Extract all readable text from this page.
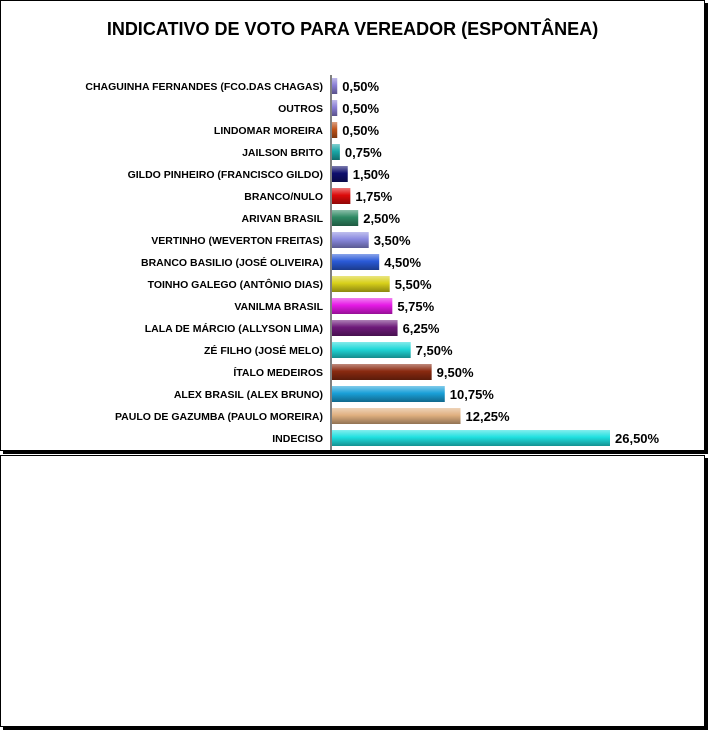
INDICATIVO DE VOTO PARA VEREADOR (ESPONTÂNEA)
CHAGUINHA FERNANDES (FCO.DAS CHAGAS) 0,50%
OUTROS 0,50%
LINDOMAR MOREIRA 0,50%
JAILSON BRITO 0,75%
GILDO PINHEIRO (FRANCISCO GILDO) 1,50%
BRANCO/NULO 1,75%
ARIVAN BRASIL	2,50%
VERTINHO (WEVERTON FREITAS)	3,50%
BRANCO BASILIO (JOSÉ OLIVEIRA)	4,50%
TOINHO GALEGO (ANTÔNIO DIAS)	5,50%
VANILMA BRASIL	5,75%
LALA DE MÁRCIO (ALLYSON LIMA)	6,25%
ZÉ FILHO (JOSÉ MELO)	7,50%
ÍTALO MEDEIROS	9,50%
ALEX BRASIL (ALEX BRUNO)	10,75%
PAULO DE GAZUMBA (PAULO MOREIRA)	12,25%
INDECISO	26,50%
